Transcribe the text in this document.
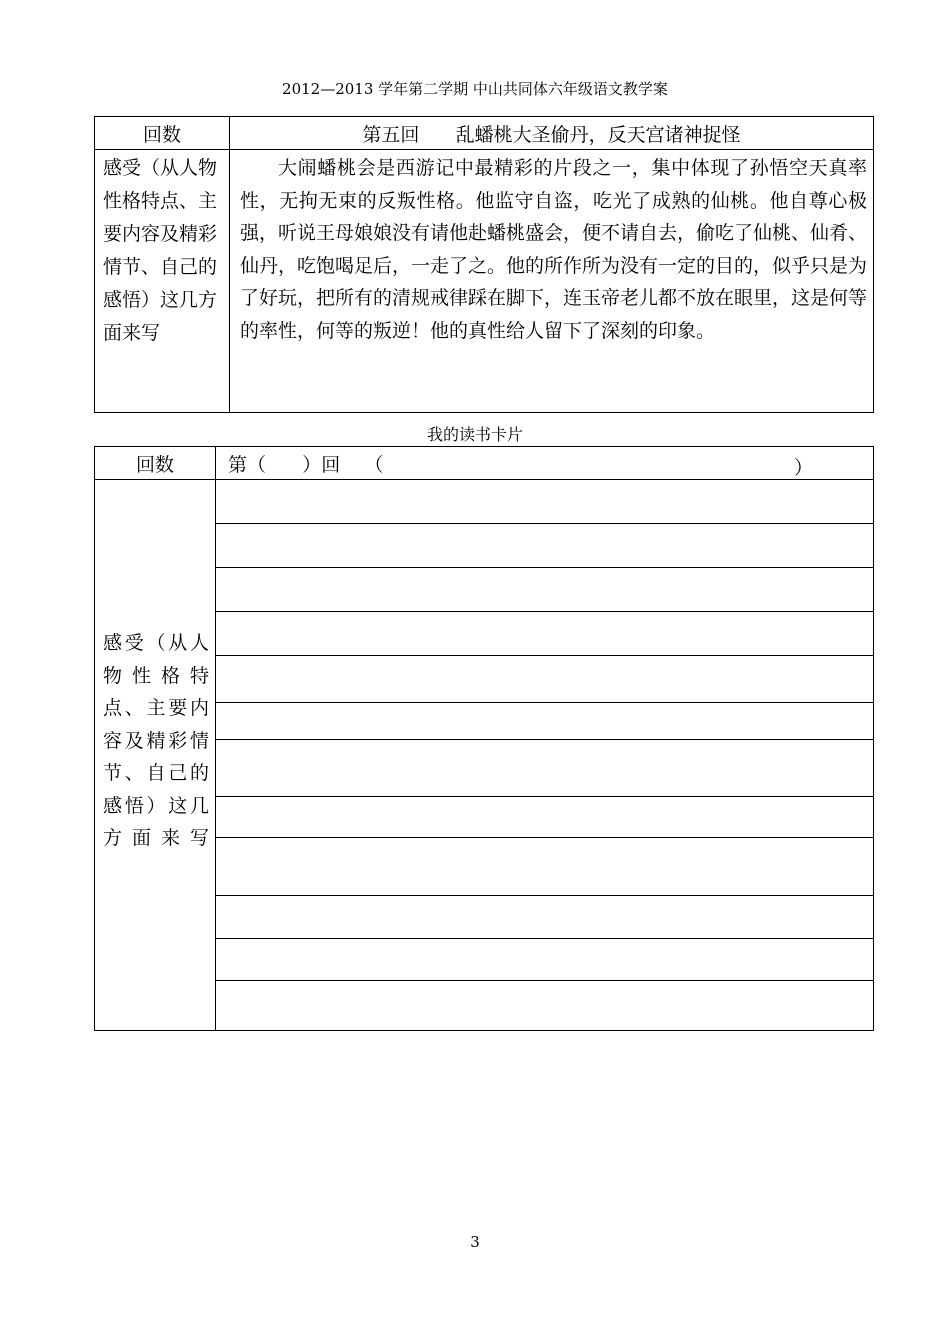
2012—2013 学年第二学期 中山共同体六年级语文教学案
回数	第五回      乱蟠桃大圣偷丹，反天宫诸神捉怪
感受（从人物性格特点、主要内容及精彩情节、自己的感悟）这几方面来写	大闹蟠桃会是西游记中最精彩的片段之一，集中体现了孙悟空天真率性，无拘无束的反叛性格。他监守自盗，吃光了成熟的仙桃。他自尊心极强，听说王母娘娘没有请他赴蟠桃盛会，便不请自去，偷吃了仙桃、仙肴、仙丹，吃饱喝足后，一走了之。他的所作所为没有一定的目的，似乎只是为了好玩，把所有的清规戒律踩在脚下，连玉帝老儿都不放在眼里，这是何等的率性，何等的叛逆！他的真性给人留下了深刻的印象。
我的读书卡片
回数	第（      ）回    （ ）

感受（从人物性格特点、主要内容及精彩情节、自己的感悟）这几方面来写	

3
